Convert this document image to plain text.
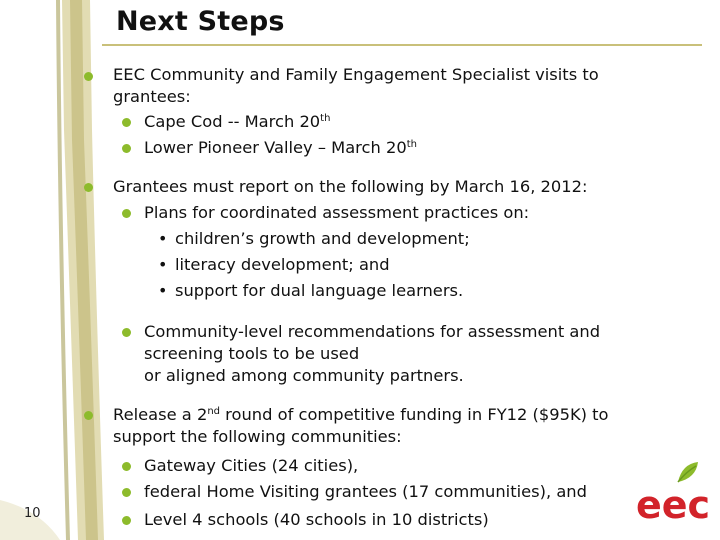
Next Steps
EEC Community and Family Engagement Specialist visits to
grantees:
Cape Cod -- March 20th
Lower Pioneer Valley – March 20th
Grantees must report on the following by March 16, 2012:
Plans for coordinated assessment practices on:
• children’s growth and development;
• literacy development; and
• support for dual language learners.
Community-level recommendations for assessment and
screening tools to be used
or aligned among community partners.
Release a 2nd round of competitive funding in FY12 ($95K) to
support the following communities:
Gateway Cities (24 cities),
federal Home Visiting grantees (17 communities), and
Level 4 schools (40 schools in 10 districts)	eec
10
